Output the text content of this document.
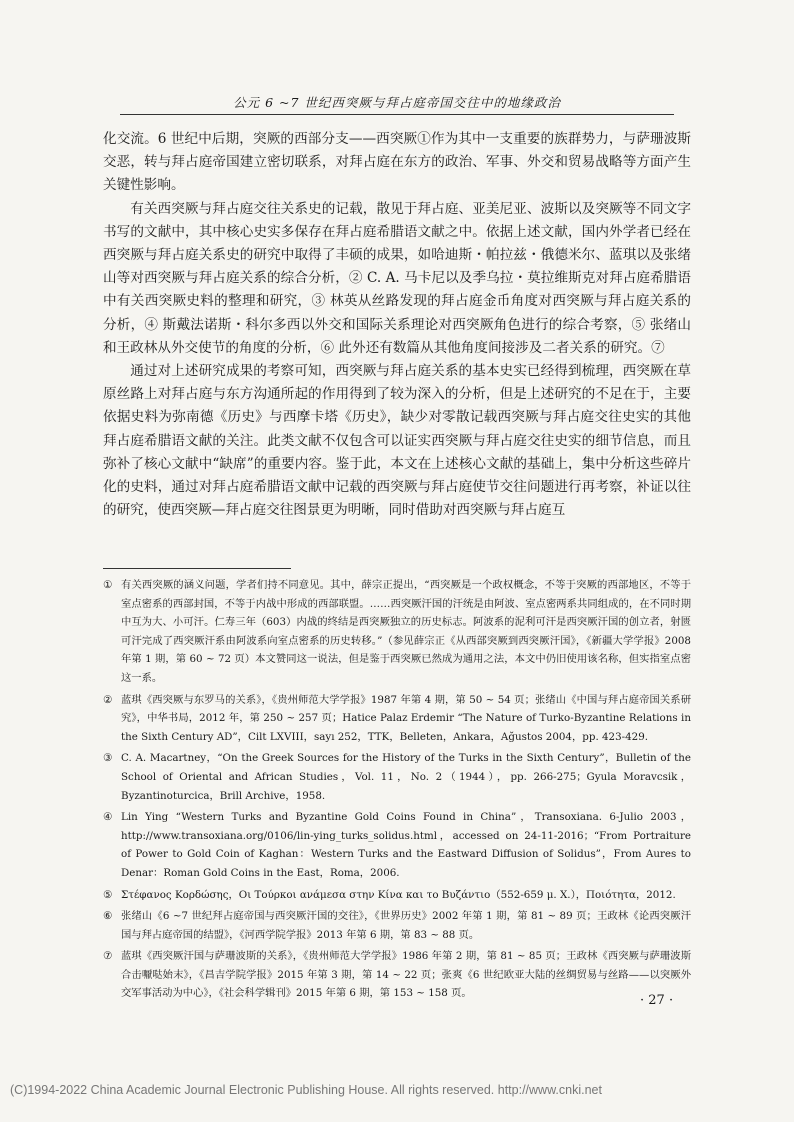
公元 6 ~7 世纪西突厥与拜占庭帝国交往中的地缘政治

化交流。6 世纪中后期，突厥的西部分支——西突厥①作为其中一支重要的族群势力，与萨珊波斯交恶，转与拜占庭帝国建立密切联系，对拜占庭在东方的政治、军事、外交和贸易战略等方面产生关键性影响。

有关西突厥与拜占庭交往关系史的记载，散见于拜占庭、亚美尼亚、波斯以及突厥等不同文字书写的文献中，其中核心史实多保存在拜占庭希腊语文献之中。依据上述文献，国内外学者已经在西突厥与拜占庭关系史的研究中取得了丰硕的成果，如哈迪斯・帕拉兹・俄德米尔、蓝琪以及张绪山等对西突厥与拜占庭关系的综合分析，② C. A. 马卡尼以及季乌拉・莫拉维斯克对拜占庭希腊语中有关西突厥史料的整理和研究，③ 林英从丝路发现的拜占庭金币角度对西突厥与拜占庭关系的分析，④ 斯戴法诺斯・科尔多西以外交和国际关系理论对西突厥角色进行的综合考察，⑤ 张绪山和王政林从外交使节的角度的分析，⑥ 此外还有数篇从其他角度间接涉及二者关系的研究。⑦

通过对上述研究成果的考察可知，西突厥与拜占庭关系的基本史实已经得到梳理，西突厥在草原丝路上对拜占庭与东方沟通所起的作用得到了较为深入的分析，但是上述研究的不足在于，主要依据史料为弥南德《历史》与西摩卡塔《历史》，缺少对零散记载西突厥与拜占庭交往史实的其他拜占庭希腊语文献的关注。此类文献不仅包含可以证实西突厥与拜占庭交往史实的细节信息，而且弥补了核心文献中“缺席”的重要内容。鉴于此，本文在上述核心文献的基础上，集中分析这些碎片化的史料，通过对拜占庭希腊语文献中记载的西突厥与拜占庭使节交往问题进行再考察，补证以往的研究，使西突厥—拜占庭交往图景更为明晰，同时借助对西突厥与拜占庭互

① 有关西突厥的涵义问题，学者们持不同意见。其中，薛宗正提出，“西突厥是一个政权概念，不等于突厥的西部地区，不等于室点密系的西部封国，不等于内战中形成的西部联盟。……西突厥汗国的汗统是由阿波、室点密两系共同组成的，在不同时期中互为大、小可汗。仁寿三年（603）内战的终结是西突厥独立的历史标志。阿波系的泥利可汗是西突厥汗国的创立者，射匮可汗完成了西突厥汗系由阿波系向室点密系的历史转移。”（参见薛宗正《从西部突厥到西突厥汗国》，《新疆大学学报》2008 年第 1 期，第 60 ~ 72 页）本文赞同这一说法，但是鉴于西突厥已然成为通用之法，本文中仍旧使用该名称，但实指室点密这一系。
② 蓝琪《西突厥与东罗马的关系》，《贵州师范大学学报》1987 年第 4 期，第 50 ~ 54 页；张绪山《中国与拜占庭帝国关系研究》，中华书局，2012 年，第 250 ~ 257 页；Hatice Palaz Erdemir “The Nature of Turko-Byzantine Relations in the Sixth Century AD”，Cilt LXVIII，sayı 252，TTK，Belleten，Ankara，Ağustos 2004，pp. 423-429.
③ C. A. Macartney，“On the Greek Sources for the History of the Turks in the Sixth Century”，Bulletin of the School of Oriental and African Studies，Vol. 11，No. 2（1944），pp. 266-275；Gyula Moravcsik，Byzantinoturcica，Brill Archive，1958.
④ Lin Ying “Western Turks and Byzantine Gold Coins Found in China”，Transoxiana. 6-Julio 2003，http://www.transoxiana.org/0106/lin-ying_turks_solidus.html，accessed on 24-11-2016；“From Portraiture of Power to Gold Coin of Kaghan：Western Turks and the Eastward Diffusion of Solidus”，From Aures to Denar：Roman Gold Coins in the East，Roma，2006.
⑤ Στέφανος Κορδώσης，Οι Τούρκοι ανάμεσα στην Κίνα και το Βυζάντιο（552-659 μ. Χ.），Ποιότητα，2012.
⑥ 张绪山《6 ~7 世纪拜占庭帝国与西突厥汗国的交往》，《世界历史》2002 年第 1 期，第 81 ~ 89 页；王政林《论西突厥汗国与拜占庭帝国的结盟》，《河西学院学报》2013 年第 6 期，第 83 ~ 88 页。
⑦ 蓝琪《西突厥汗国与萨珊波斯的关系》，《贵州师范大学学报》1986 年第 2 期，第 81 ~ 85 页；王政林《西突厥与萨珊波斯合击嚈哒始末》，《昌吉学院学报》2015 年第 3 期，第 14 ~ 22 页；张爽《6 世纪欧亚大陆的丝绸贸易与丝路——以突厥外交军事活动为中心》，《社会科学辑刊》2015 年第 6 期，第 153 ~ 158 页。	· 27 ·
(C)1994-2022 China Academic Journal Electronic Publishing House. All rights reserved. http://www.cnki.net
